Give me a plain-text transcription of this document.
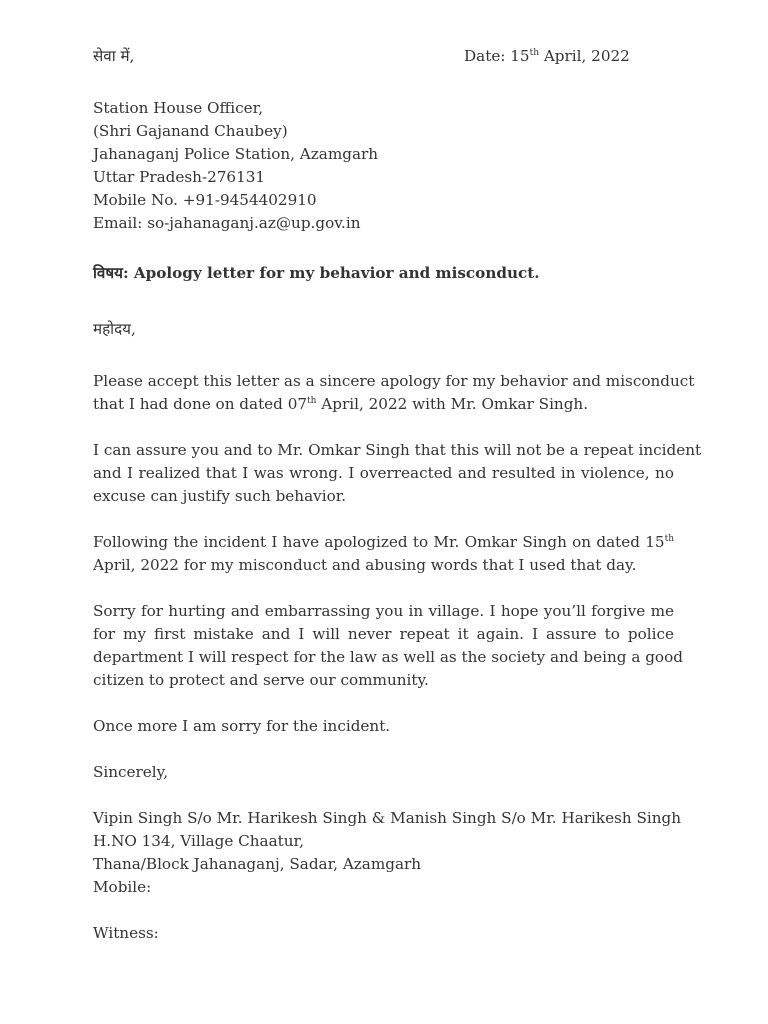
सेवा में,	Date: 15th April, 2022
Station House Officer,
(Shri Gajanand Chaubey)
Jahanaganj Police Station, Azamgarh
Uttar Pradesh-276131
Mobile No. +91-9454402910
Email: so-jahanaganj.az@up.gov.in
विषय: Apology letter for my behavior and misconduct.
महोदय,
Please accept this letter as a sincere apology for my behavior and misconduct
that I had done on dated 07th April, 2022 with Mr. Omkar Singh.
I can assure you and to Mr. Omkar Singh that this will not be a repeat incident
and I realized that I was wrong. I overreacted and resulted in violence, no
excuse can justify such behavior.
Following the incident I have apologized to Mr. Omkar Singh on dated 15th
April, 2022 for my misconduct and abusing words that I used that day.
Sorry for hurting and embarrassing you in village. I hope you’ll forgive me
for my first mistake and I will never repeat it again. I assure to police
department I will respect for the law as well as the society and being a good
citizen to protect and serve our community.
Once more I am sorry for the incident.
Sincerely,
Vipin Singh S/o Mr. Harikesh Singh & Manish Singh S/o Mr. Harikesh Singh
H.NO 134, Village Chaatur,
Thana/Block Jahanaganj, Sadar, Azamgarh
Mobile:
Witness:
